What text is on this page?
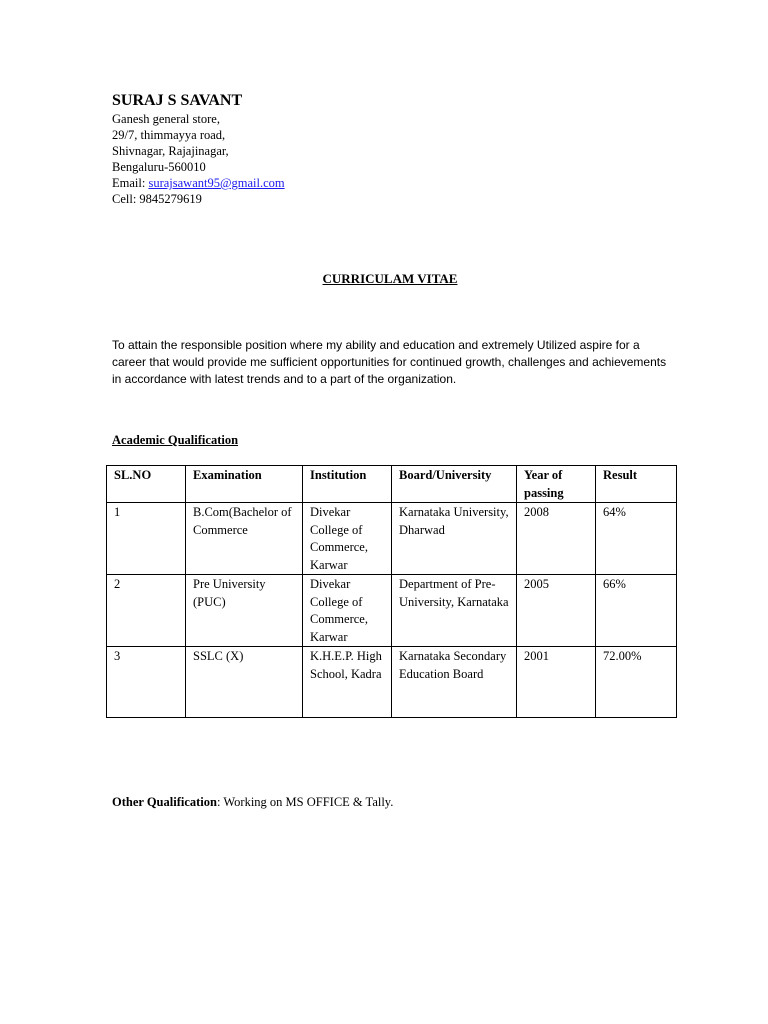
SURAJ S SAVANT
Ganesh general store,
29/7, thimmayya road,
Shivnagar, Rajajinagar,
Bengaluru-560010
Email: surajsawant95@gmail.com
Cell: 9845279619
CURRICULAM VITAE
To attain the responsible position where my ability and education and extremely Utilized aspire for a career that would provide me sufficient opportunities for continued growth, challenges and achievements in accordance with latest trends and to a part of the organization.
Academic Qualification
SL.NO	Examination	Institution	Board/University	Year of passing	Result
1	B.Com(Bachelor of Commerce	Divekar College of Commerce, Karwar	Karnataka University, Dharwad	2008	64%
2	Pre University (PUC)	Divekar College of Commerce, Karwar	Department of Pre-University, Karnataka	2005	66%
3	SSLC (X)	K.H.E.P. High School, Kadra	Karnataka Secondary Education Board	2001	72.00%
Other Qualification: Working on MS OFFICE & Tally.
